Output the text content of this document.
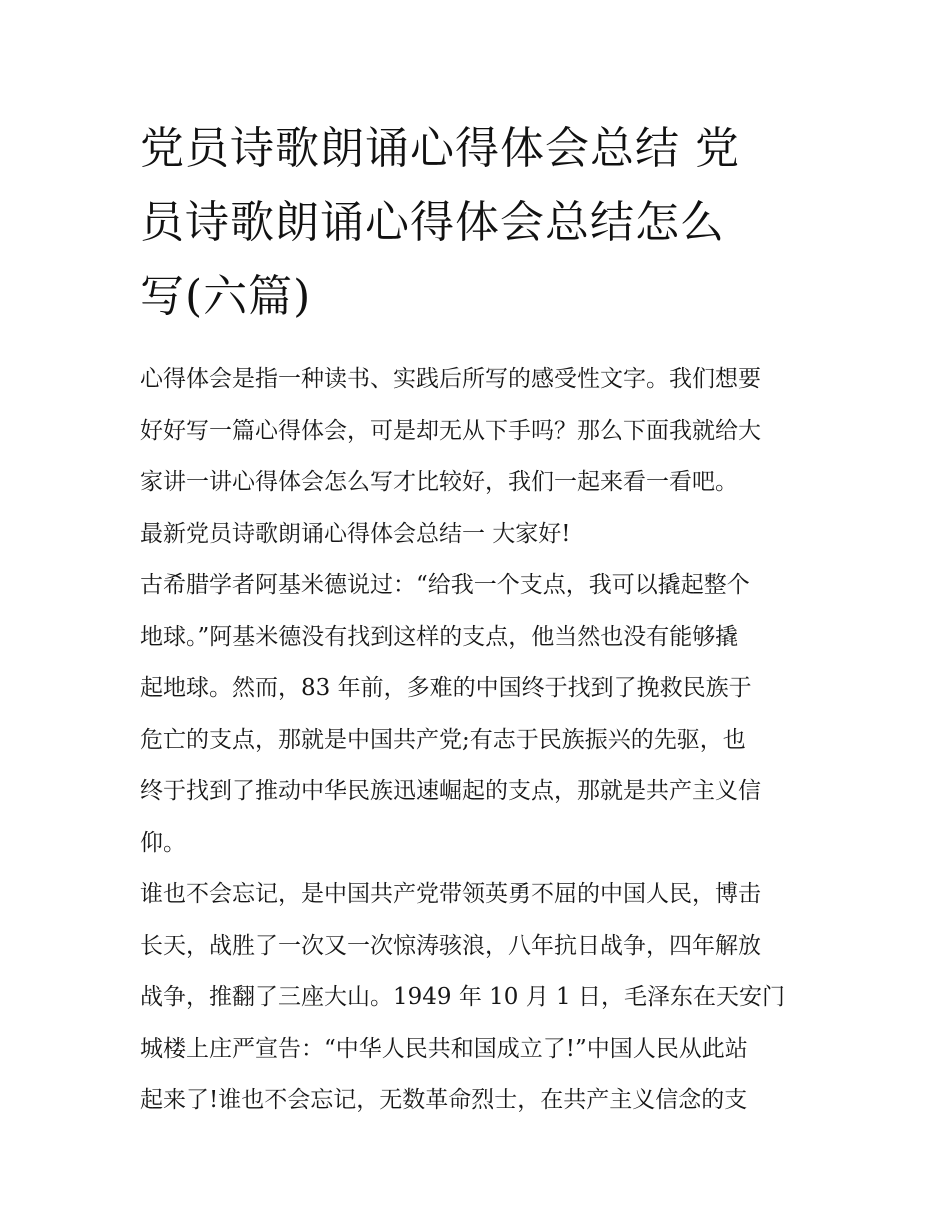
党员诗歌朗诵心得体会总结 党
员诗歌朗诵心得体会总结怎么
写(六篇)

心得体会是指一种读书、实践后所写的感受性文字。我们想要
好好写一篇心得体会，可是却无从下手吗？那么下面我就给大
家讲一讲心得体会怎么写才比较好，我们一起来看一看吧。

最新党员诗歌朗诵心得体会总结一 大家好!

古希腊学者阿基米德说过：“给我一个支点，我可以撬起整个
地球。”阿基米德没有找到这样的支点，他当然也没有能够撬
起地球。然而，83 年前，多难的中国终于找到了挽救民族于
危亡的支点，那就是中国共产党;有志于民族振兴的先驱，也
终于找到了推动中华民族迅速崛起的支点，那就是共产主义信
仰。

谁也不会忘记，是中国共产党带领英勇不屈的中国人民，博击
长天，战胜了一次又一次惊涛骇浪，八年抗日战争，四年解放
战争，推翻了三座大山。1949 年 10 月 1 日，毛泽东在天安门
城楼上庄严宣告：“中华人民共和国成立了!”中国人民从此站
起来了!谁也不会忘记，无数革命烈士，在共产主义信念的支
